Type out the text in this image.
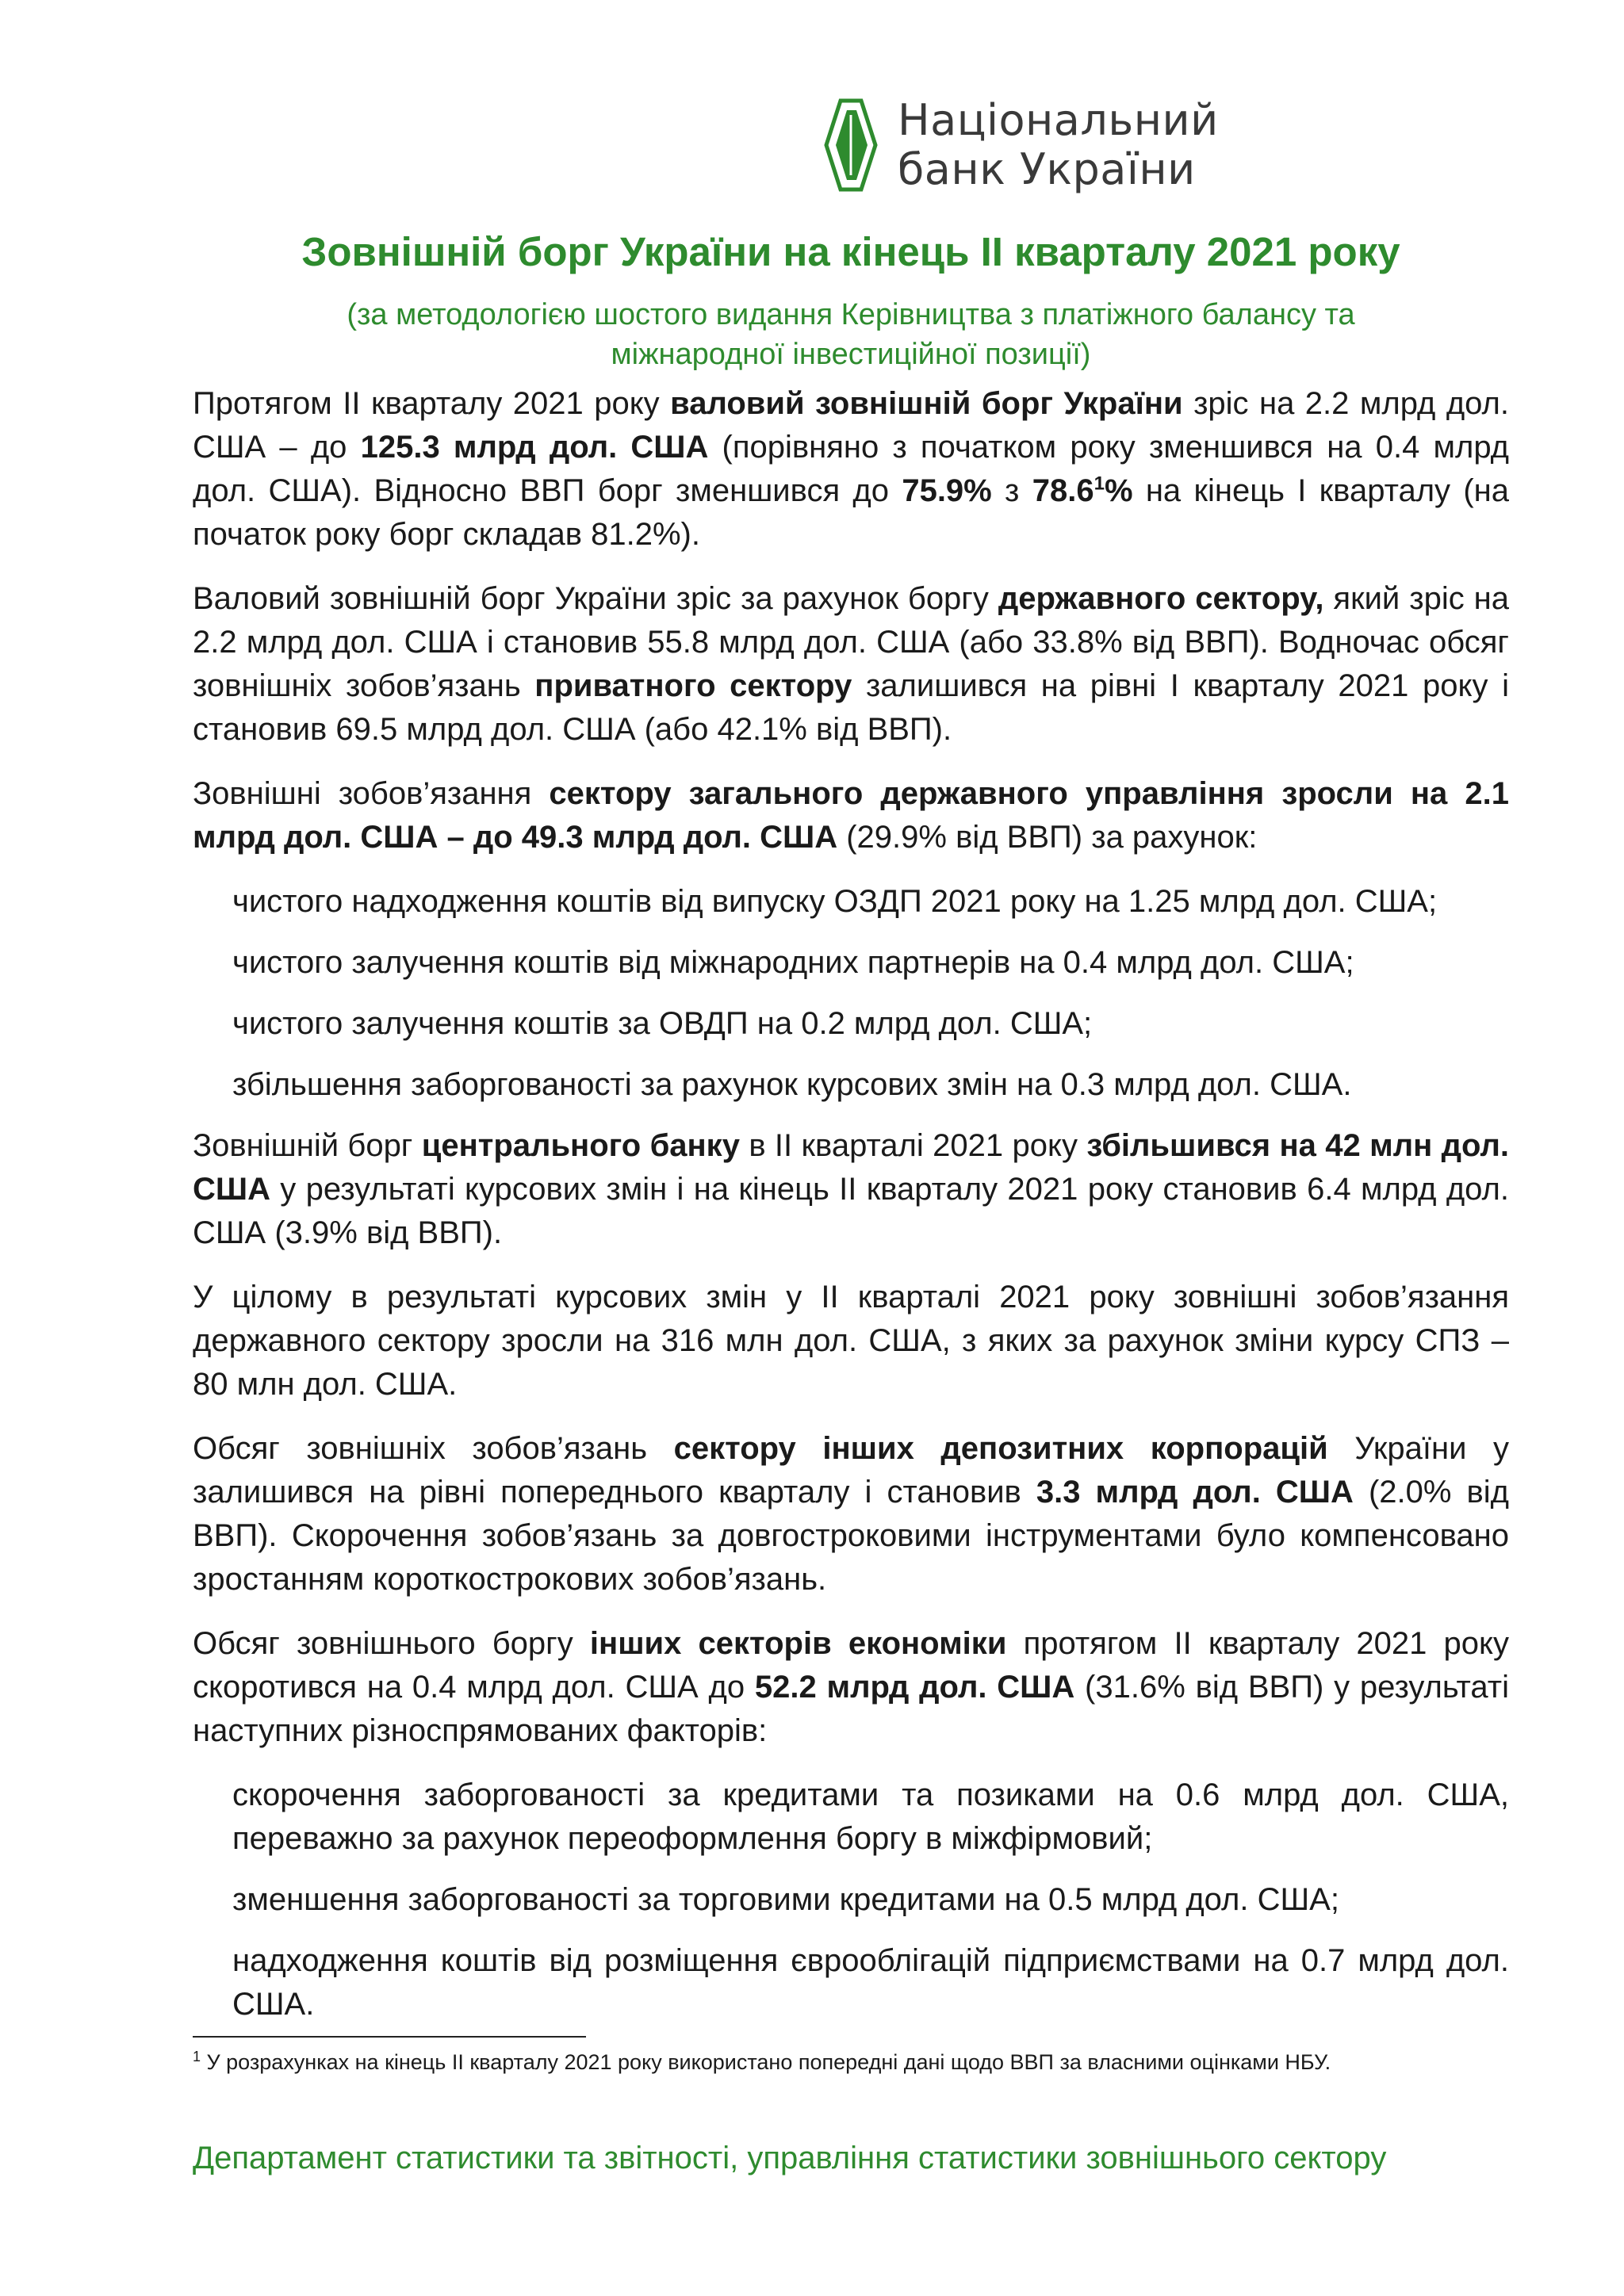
Національний
банк України
Зовнішній борг України на кінець ІІ кварталу 2021 року
(за методологією шостого видання Керівництва з платіжного балансу та
міжнародної інвестиційної позиції)

Протягом ІІ кварталу 2021 року валовий зовнішній борг України зріс на 2.2 млрд дол. США – до 125.3 млрд дол. США (порівняно з початком року зменшився на 0.4 млрд дол. США). Відносно ВВП борг зменшився до 75.9% з 78.6$^1$% на кінець І кварталу (на початок року борг складав 81.2%).

Валовий зовнішній борг України зріс за рахунок боргу державного сектору, який зріс на 2.2 млрд дол. США і становив 55.8 млрд дол. США (або 33.8% від ВВП). Водночас обсяг зовнішніх зобов’язань приватного сектору залишився на рівні І кварталу 2021 року і становив 69.5 млрд дол. США (або 42.1% від ВВП).

Зовнішні зобов’язання сектору загального державного управління зросли на 2.1 млрд дол. США – до 49.3 млрд дол. США (29.9% від ВВП) за рахунок:

чистого надходження коштів від випуску ОЗДП 2021 року на 1.25 млрд дол. США;

чистого залучення коштів від міжнародних партнерів на 0.4 млрд дол. США;

чистого залучення коштів за ОВДП на 0.2 млрд дол. США;

збільшення заборгованості за рахунок курсових змін на 0.3 млрд дол. США.

Зовнішній борг центрального банку в ІІ кварталі 2021 року збільшився на 42 млн дол. США у результаті курсових змін і на кінець ІІ кварталу 2021 року становив 6.4 млрд дол. США (3.9% від ВВП).

У цілому в результаті курсових змін у ІІ кварталі 2021 року зовнішні зобов’язання державного сектору зросли на 316 млн дол. США, з яких за рахунок зміни курсу СПЗ – 80 млн дол. США.

Обсяг зовнішніх зобов’язань сектору інших депозитних корпорацій України у залишився на рівні попереднього кварталу і становив 3.3 млрд дол. США (2.0% від ВВП). Скорочення зобов’язань за довгостроковими інструментами було компенсовано зростанням короткострокових зобов’язань.

Обсяг зовнішнього боргу інших секторів економіки протягом ІІ кварталу 2021 року скоротився на 0.4 млрд дол. США до 52.2 млрд дол. США (31.6% від ВВП) у результаті наступних різноспрямованих факторів:

скорочення заборгованості за кредитами та позиками на 0.6 млрд дол. США, переважно за рахунок переоформлення боргу в міжфірмовий;

зменшення заборгованості за торговими кредитами на 0.5 млрд дол. США;

надходження коштів від розміщення єврооблігацій підприємствами на 0.7 млрд дол. США.

$^1$ У розрахунках на кінець ІІ кварталу 2021 року використано попередні дані щодо ВВП за власними оцінками НБУ.
Департамент статистики та звітності, управління статистики зовнішнього сектору
